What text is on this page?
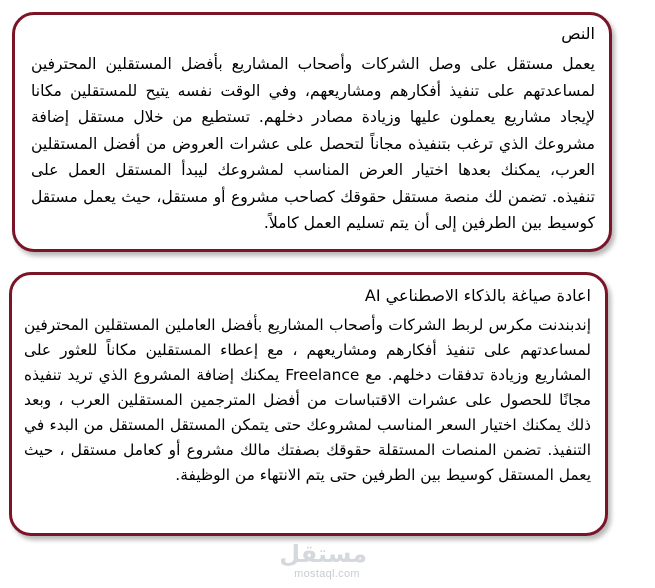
النص

يعمل مستقل على وصل الشركات وأصحاب المشاريع بأفضل المستقلين المحترفين لمساعدتهم على تنفيذ أفكارهم ومشاريعهم، وفي الوقت نفسه يتيح للمستقلين مكانا لإيجاد مشاريع يعملون عليها وزيادة مصادر دخلهم. تستطيع من خلال مستقل إضافة مشروعك الذي ترغب بتنفيذه مجاناً لتحصل على عشرات العروض من أفضل المستقلين العرب، يمكنك بعدها اختيار العرض المناسب لمشروعك ليبدأ المستقل العمل على تنفيذه. تضمن لك منصة مستقل حقوقك كصاحب مشروع أو مستقل، حيث يعمل مستقل كوسيط بين الطرفين إلى أن يتم تسليم العمل كاملاً.

اعادة صياغة بالذكاء الاصطناعي AI

إندبندنت مكرس لربط الشركات وأصحاب المشاريع بأفضل العاملين المستقلين المحترفين لمساعدتهم على تنفيذ أفكارهم ومشاريعهم ، مع إعطاء المستقلين مكاناً للعثور على المشاريع وزيادة تدفقات دخلهم. مع Freelance يمكنك إضافة المشروع الذي تريد تنفيذه مجانًا للحصول على عشرات الاقتباسات من أفضل المترجمين المستقلين العرب ، وبعد ذلك يمكنك اختيار السعر المناسب لمشروعك حتى يتمكن المستقل المستقل من البدء في التنفيذ. تضمن المنصات المستقلة حقوقك بصفتك مالك مشروع أو كعامل مستقل ، حيث يعمل المستقل كوسيط بين الطرفين حتى يتم الانتهاء من الوظيفة.

مستقل
mostaql.com
